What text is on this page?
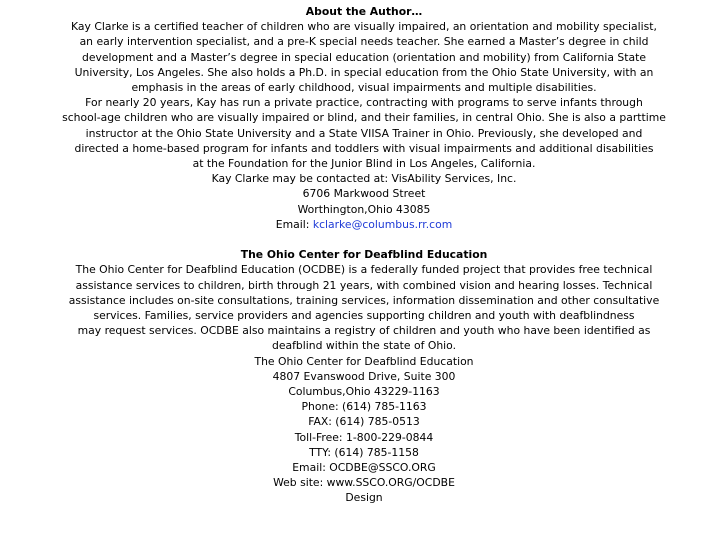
About the Author…
Kay Clarke is a certified teacher of children who are visually impaired, an orientation and mobility specialist,
an early intervention specialist, and a pre-K special needs teacher. She earned a Master’s degree in child
development and a Master’s degree in special education (orientation and mobility) from California State
University, Los Angeles. She also holds a Ph.D. in special education from the Ohio State University, with an
emphasis in the areas of early childhood, visual impairments and multiple disabilities.
For nearly 20 years, Kay has run a private practice, contracting with programs to serve infants through
school-age children who are visually impaired or blind, and their families, in central Ohio. She is also a parttime
instructor at the Ohio State University and a State VIISA Trainer in Ohio. Previously, she developed and
directed a home-based program for infants and toddlers with visual impairments and additional disabilities
at the Foundation for the Junior Blind in Los Angeles, California.
Kay Clarke may be contacted at: VisAbility Services, Inc.
6706 Markwood Street
Worthington,Ohio 43085
Email: kclarke@columbus.rr.com
The Ohio Center for Deafblind Education
The Ohio Center for Deafblind Education (OCDBE) is a federally funded project that provides free technical
assistance services to children, birth through 21 years, with combined vision and hearing losses. Technical
assistance includes on-site consultations, training services, information dissemination and other consultative
services. Families, service providers and agencies supporting children and youth with deafblindness
may request services. OCDBE also maintains a registry of children and youth who have been identified as
deafblind within the state of Ohio.
The Ohio Center for Deafblind Education
4807 Evanswood Drive, Suite 300
Columbus,Ohio 43229-1163
Phone: (614) 785-1163
FAX: (614) 785-0513
Toll-Free: 1-800-229-0844
TTY: (614) 785-1158
Email: OCDBE@SSCO.ORG
Web site: www.SSCO.ORG/OCDBE
Design
